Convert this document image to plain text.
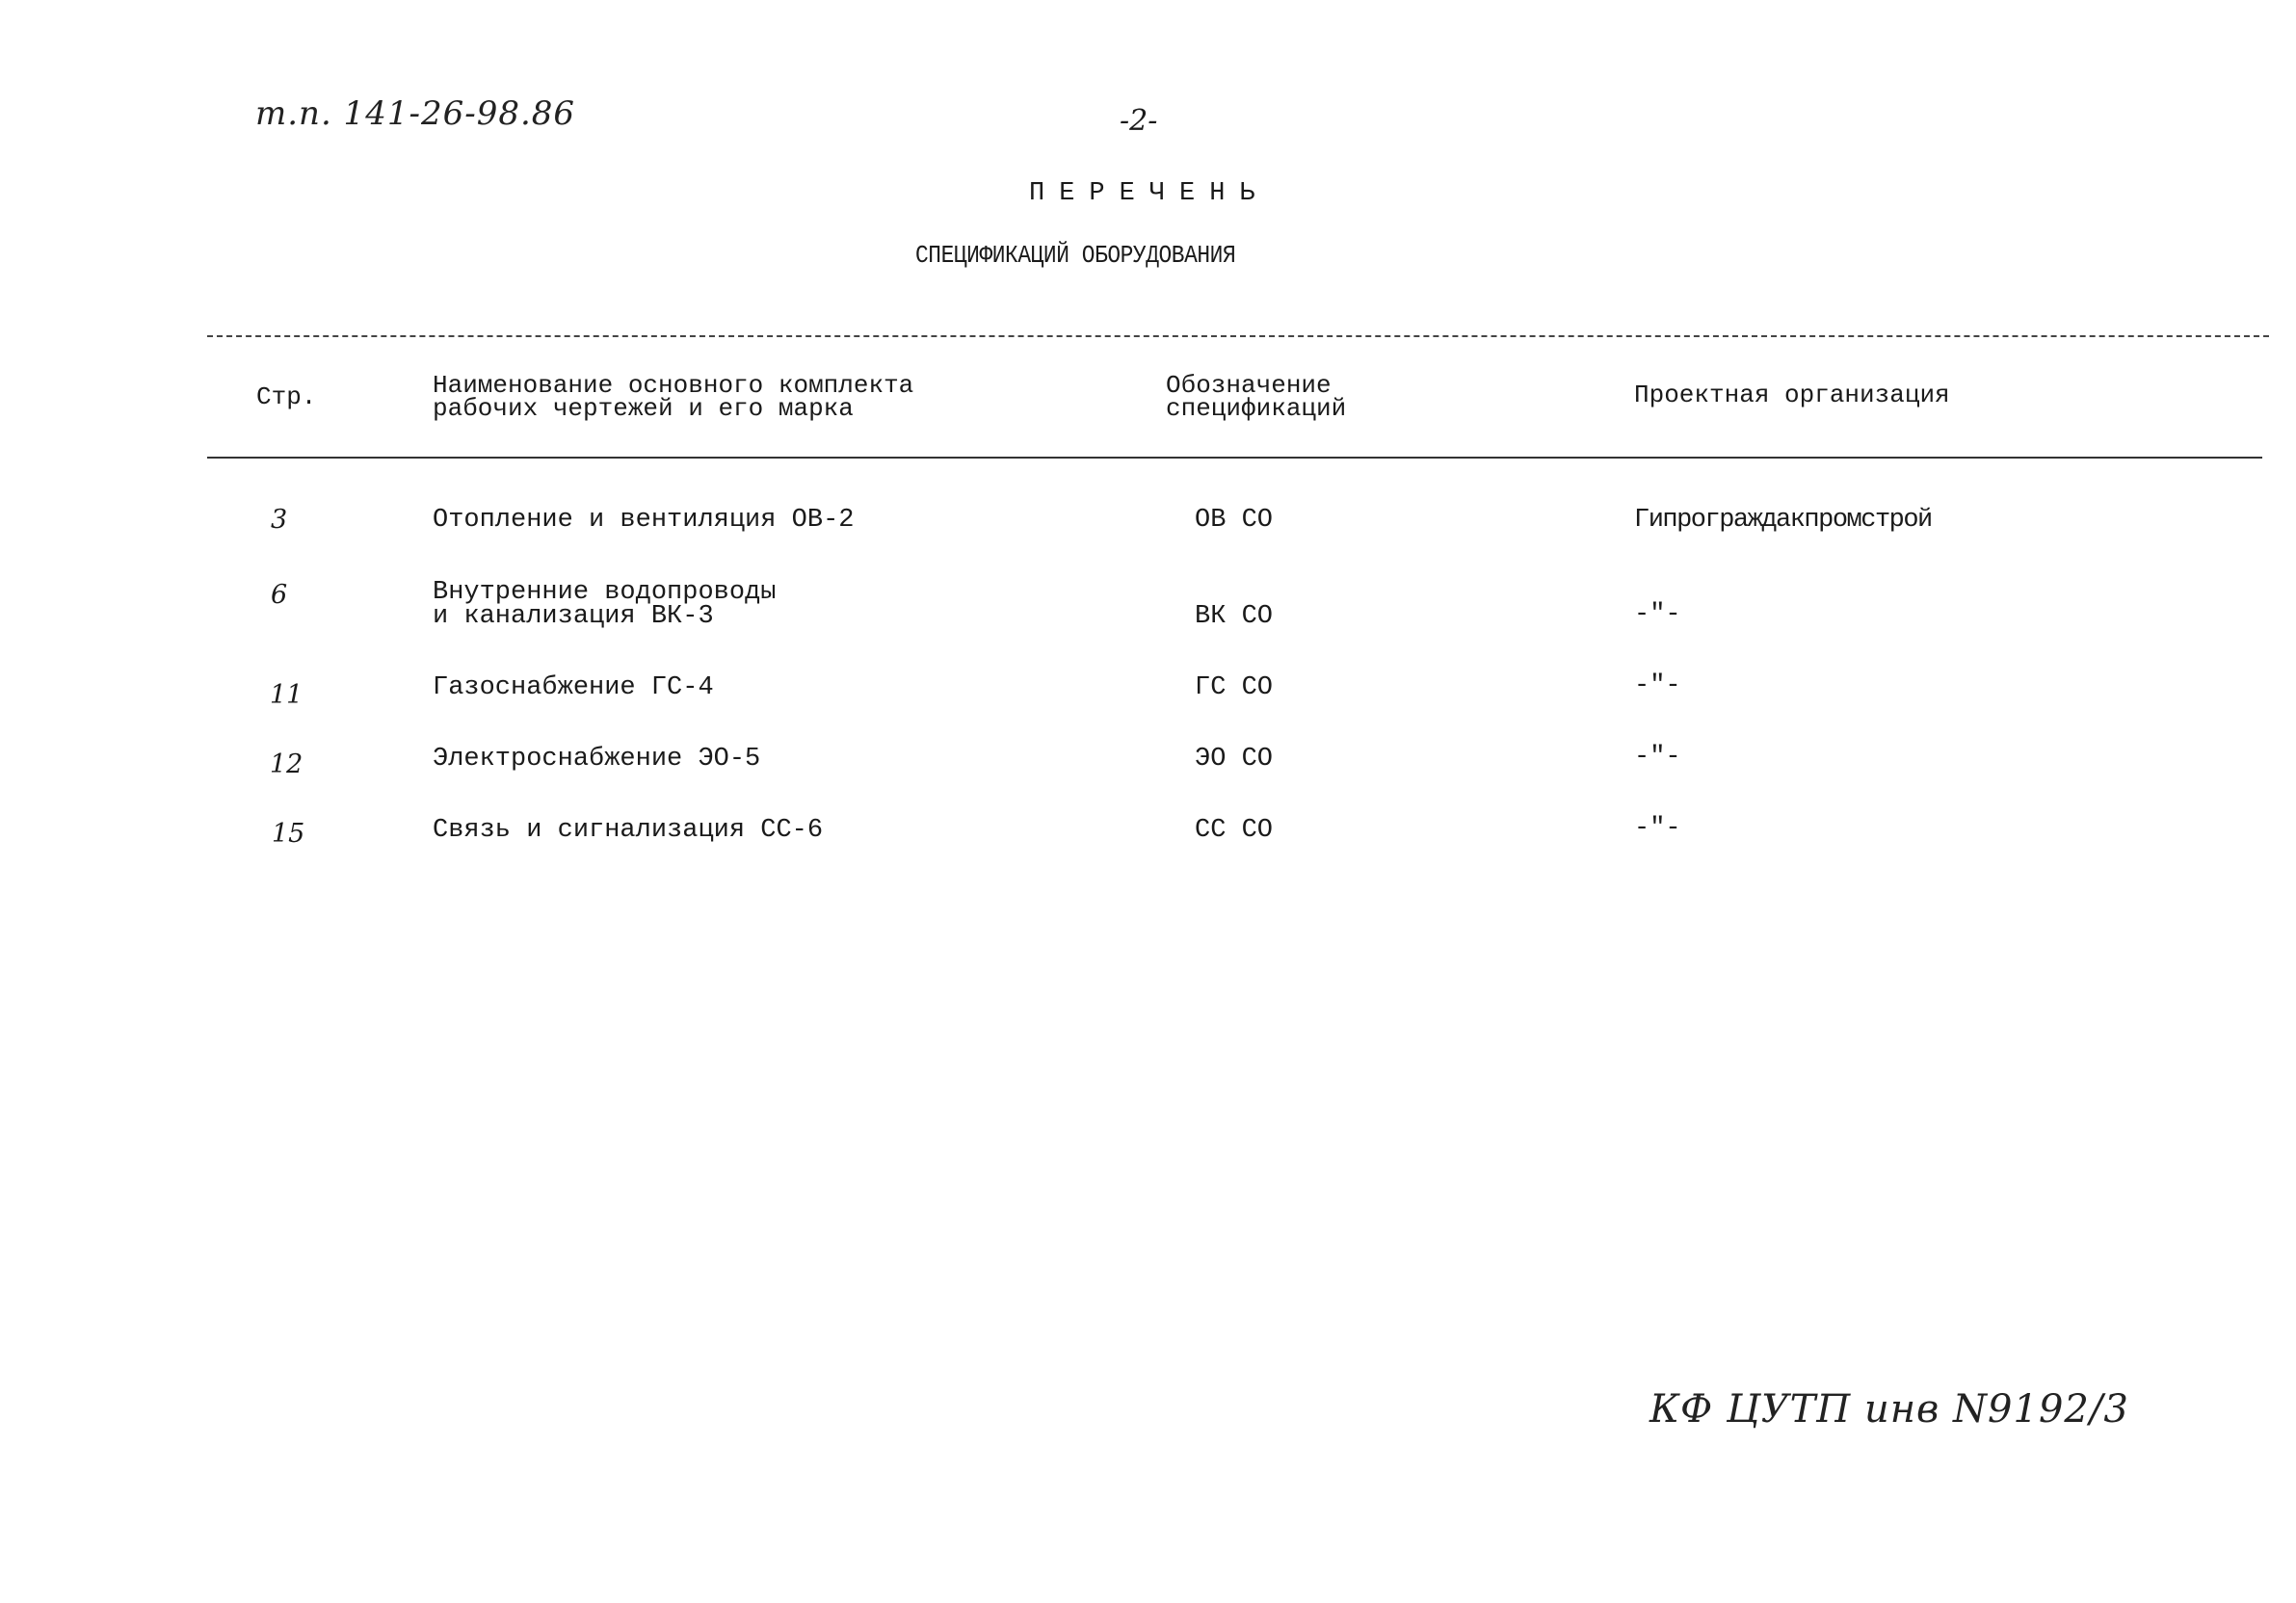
т.п. 141-26-98.86	-2-
ПЕРЕЧЕНЬ
СПЕЦИФИКАЦИЙ ОБОРУДОВАНИЯ
Стр.	Наименование основного комплекта
рабочих чертежей и его марка
Обозначение
спецификаций	Проектная организация
3	Отопление и вентиляция ОВ-2	ОВ СО	Гипрограждакпромстрой
6	Внутренние водопроводы
и канализация ВК-3	ВК СО	-"-
11	Газоснабжение ГС-4	ГС СО	-"-
12	Электроснабжение ЭО-5	ЭО СО	-"-
15	Связь и сигнализация СС-6	СС СО	-"-
КФ ЦУТП инв N9192/3
